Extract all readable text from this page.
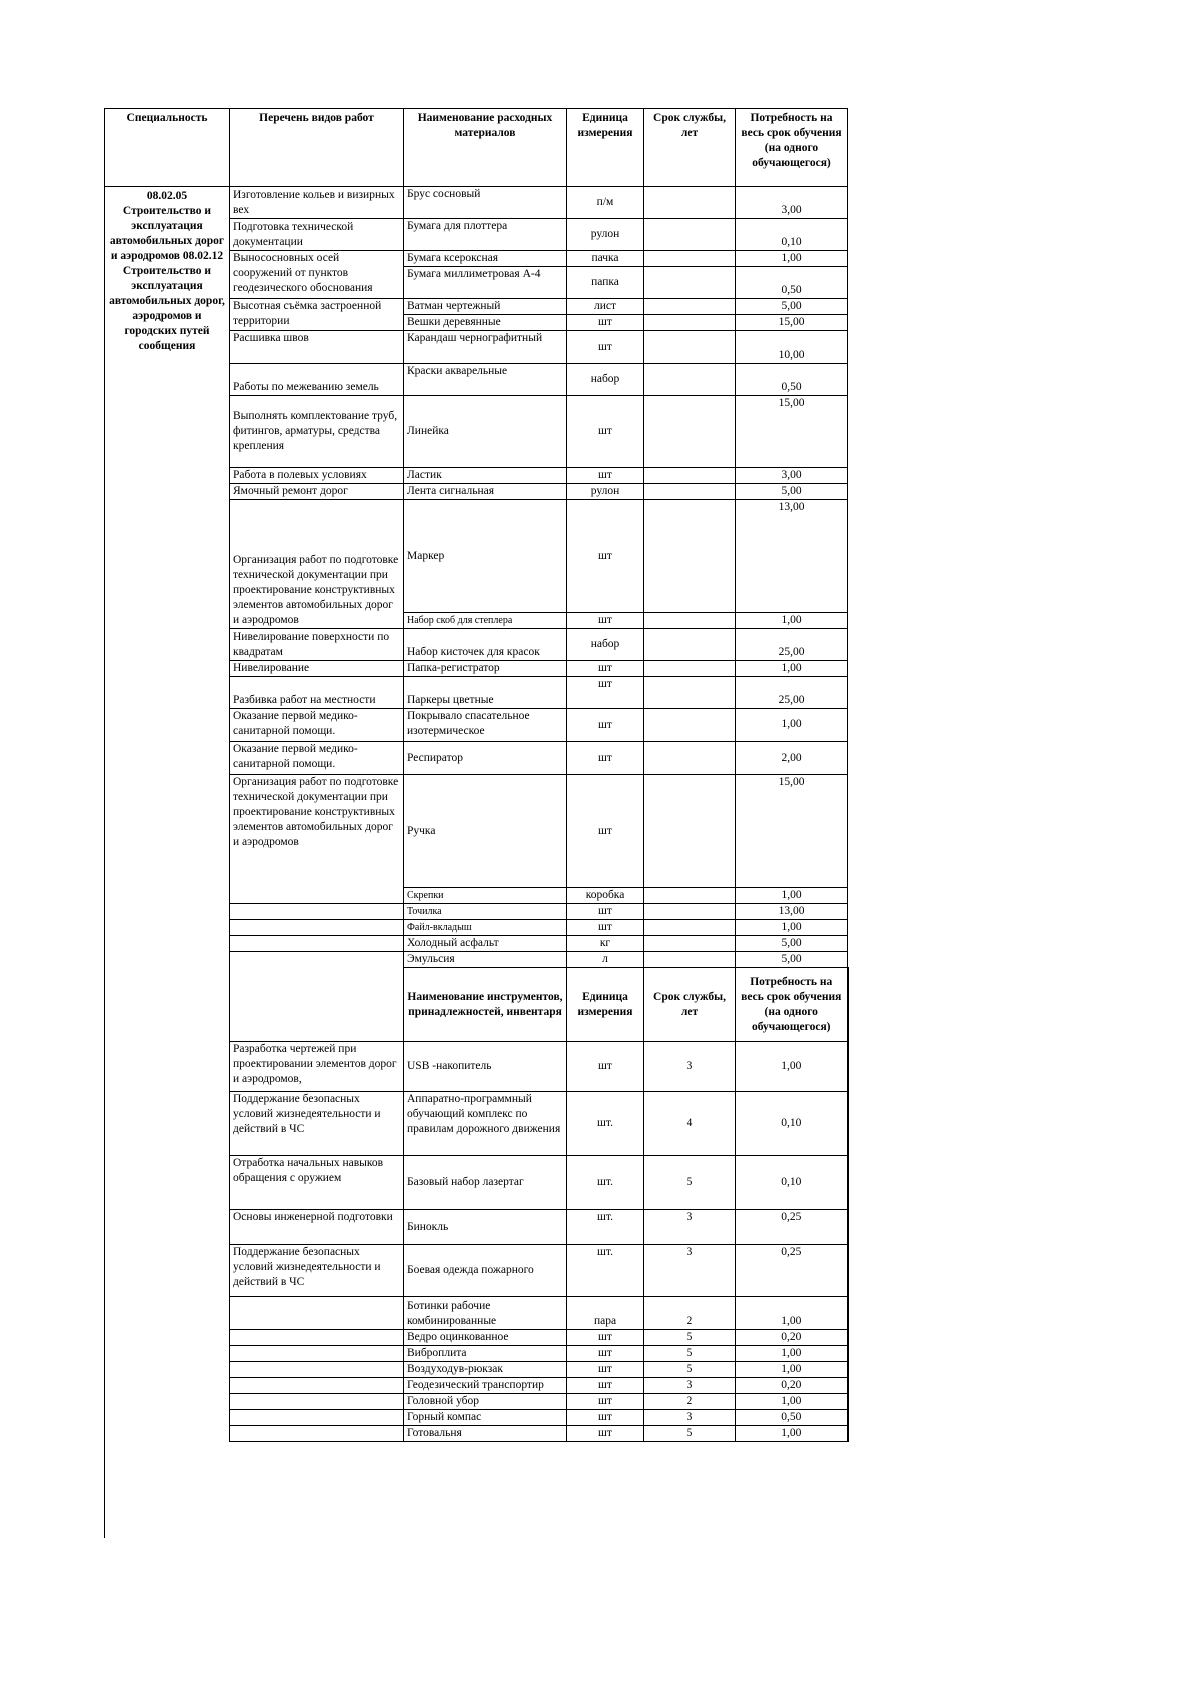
Специальность	Перечень видов работ	Наименование расходных материалов	Единица измерения	Срок службы, лет	Потребность на весь срок обучения (на одного обучающегося)
08.02.05 Строительство и эксплуатация автомобильных дорог и аэродромов 08.02.12 Строительство и эксплуатация автомобильных дорог, аэродромов и городских путей сообщения	Изготовление кольев и визирных вех	Брус сосновый	п/м		3,00
	Подготовка технической документации	Бумага для плоттера	рулон		0,10
	Вынососновных осей сооружений от пунктов геодезического обоснования	Бумага ксероксная	пачка		1,00
		Бумага миллиметровая А-4	папка		0,50
	Высотная съёмка застроенной территории	Ватман чертежный	лист		5,00
		Вешки деревянные	шт		15,00
	Расшивка швов	Карандаш чернографитный	шт		10,00
	Работы по межеванию земель	Краски акварельные	набор		0,50
	Выполнять комплектование труб, фитингов, арматуры, средства крепления	Линейка	шт		15,00
	Работа в полевых условиях	Ластик	шт		3,00
	Ямочный ремонт дорог	Лента сигнальная	рулон		5,00
	Организация работ по подготовке технической документации при проектирование конструктивных элементов автомобильных дорог и аэродромов	Маркер	шт		13,00
		Набор скоб для степлера	шт		1,00
	Нивелирование поверхности по квадратам	Набор кисточек для красок	набор		25,00
	Нивелирование	Папка-регистратор	шт		1,00
	Разбивка работ на местности	Паркеры цветные	шт		25,00
	Оказание первой медико-санитарной помощи.	Покрывало спасательное изотермическое	шт		1,00
	Оказание первой медико-санитарной помощи.	Респиратор	шт		2,00
	Организация работ по подготовке технической документации при проектирование конструктивных элементов автомобильных дорог и аэродромов	Ручка	шт		15,00
		Скрепки	коробка		1,00
		Точилка	шт		13,00
		Файл-вкладыш	шт		1,00
		Холодный асфальт	кг		5,00
		Эмульсия	л		5,00
		Наименование инструментов, принадлежностей, инвентаря	Единица измерения	Срок службы, лет	Потребность на весь срок обучения (на одного обучающегося)
	Разработка чертежей при проектировании элементов дорог и аэродромов,	USB -накопитель	шт	3	1,00
	Поддержание безопасных условий жизнедеятельности и действий в ЧС	Аппаратно-программный обучающий комплекс по правилам дорожного движения	шт.	4	0,10
	Отработка начальных навыков обращения с оружием	Базовый набор лазертаг	шт.	5	0,10
	Основы инженерной подготовки	Бинокль	шт.	3	0,25
	Поддержание безопасных условий жизнедеятельности и действий в ЧС	Боевая одежда пожарного	шт.	3	0,25
		Ботинки рабочие комбинированные	пара	2	1,00
		Ведро оцинкованное	шт	5	0,20
		Виброплита	шт	5	1,00
		Воздуходув-рюкзак	шт	5	1,00
		Геодезический транспортир	шт	3	0,20
		Головной убор	шт	2	1,00
		Горный компас	шт	3	0,50
		Готовальня	шт	5	1,00
